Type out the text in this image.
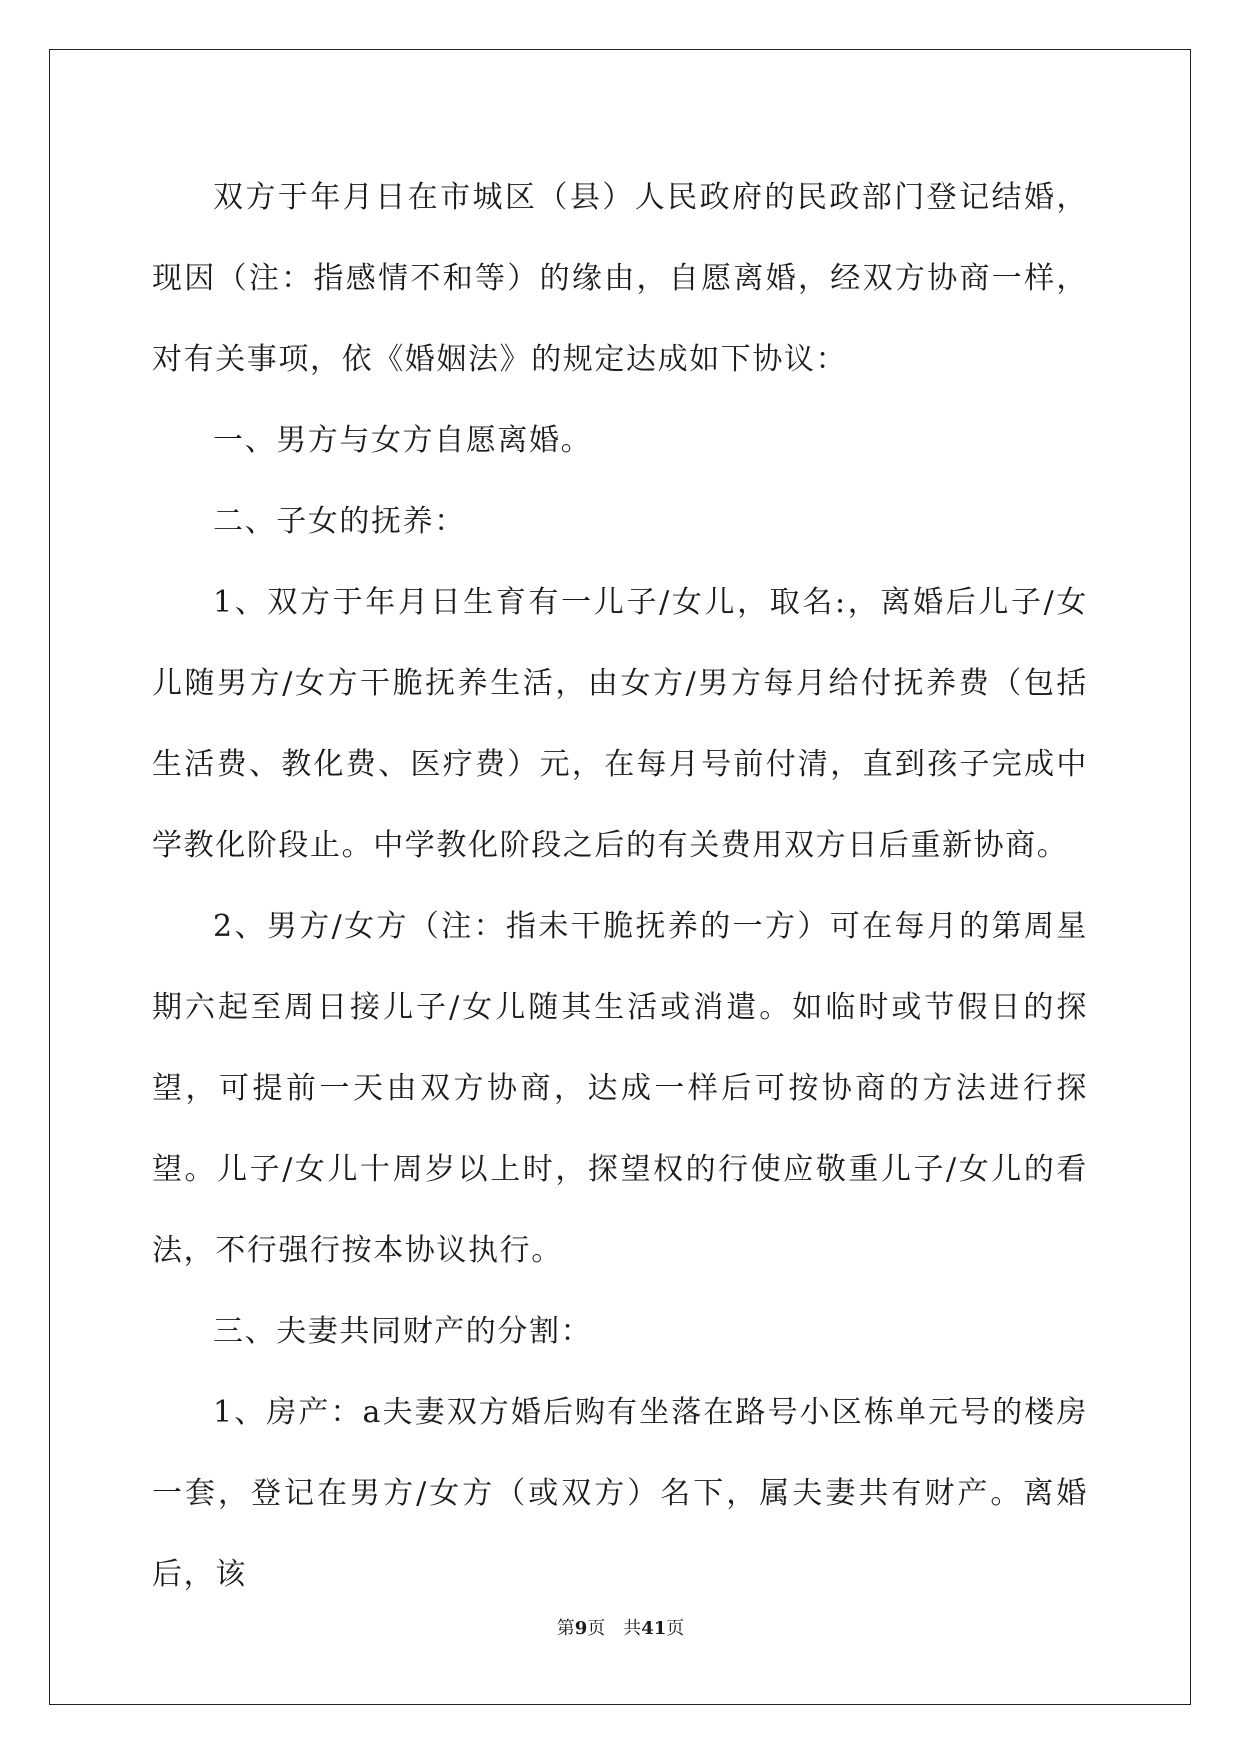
双方于年月日在市城区（县）人民政府的民政部门登记结婚，现因（注：指感情不和等）的缘由，自愿离婚，经双方协商一样，对有关事项，依《婚姻法》的规定达成如下协议：

一、男方与女方自愿离婚。

二、子女的抚养：

1、双方于年月日生育有一儿子/女儿，取名:，离婚后儿子/女儿随男方/女方干脆抚养生活，由女方/男方每月给付抚养费（包括生活费、教化费、医疗费）元，在每月号前付清，直到孩子完成中学教化阶段止。中学教化阶段之后的有关费用双方日后重新协商。

2、男方/女方（注：指未干脆抚养的一方）可在每月的第周星期六起至周日接儿子/女儿随其生活或消遣。如临时或节假日的探望，可提前一天由双方协商，达成一样后可按协商的方法进行探望。儿子/女儿十周岁以上时，探望权的行使应敬重儿子/女儿的看法，不行强行按本协议执行。

三、夫妻共同财产的分割：

1、房产：a夫妻双方婚后购有坐落在路号小区栋单元号的楼房一套，登记在男方/女方（或双方）名下，属夫妻共有财产。离婚后，该

第9页　共41页
